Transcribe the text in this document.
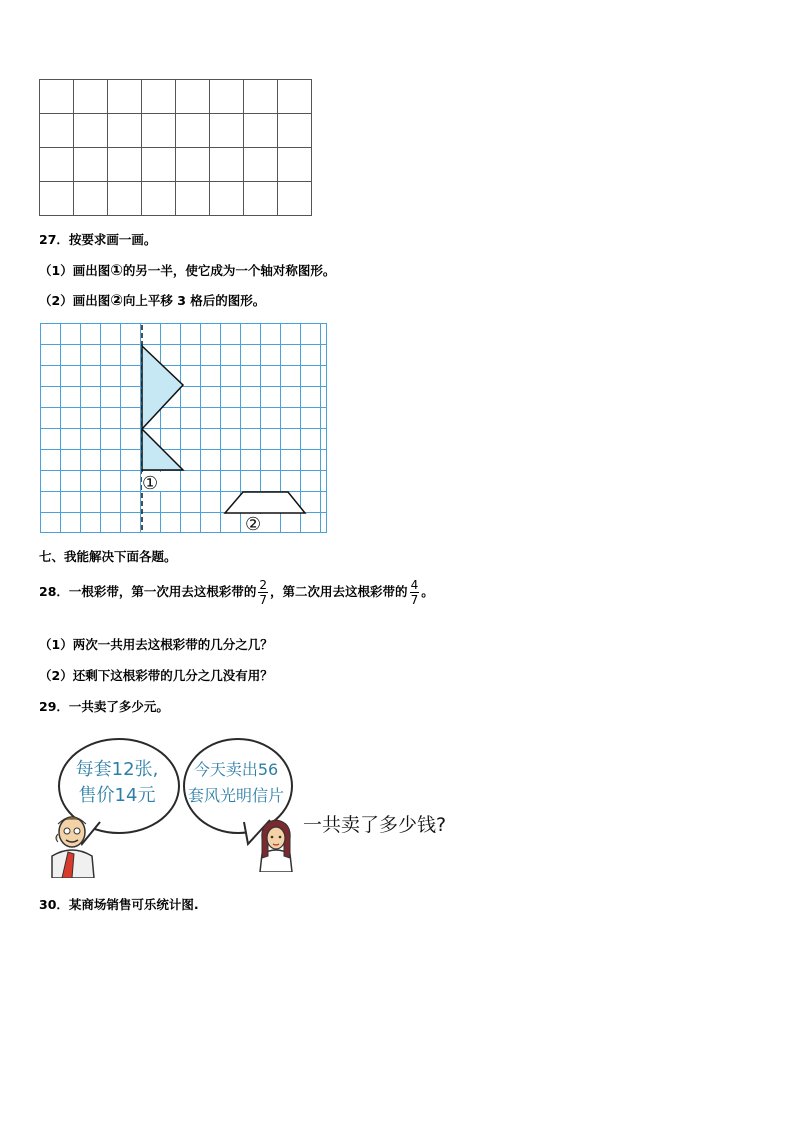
27．按要求画一画。
（1）画出图①的另一半，使它成为一个轴对称图形。
（2）画出图②向上平移 3 格后的图形。
①
②
七、我能解决下面各题。
28．一根彩带，第一次用去这根彩带的 $\frac{2}{7}$ ，第二次用去这根彩带的 $\frac{4}{7}$ 。
（1）两次一共用去这根彩带的几分之几？
（2）还剩下这根彩带的几分之几没有用？
29．一共卖了多少元。
每套12张,
售价14元
今天卖出56
套风光明信片
一共卖了多少钱?
30．某商场销售可乐统计图.
